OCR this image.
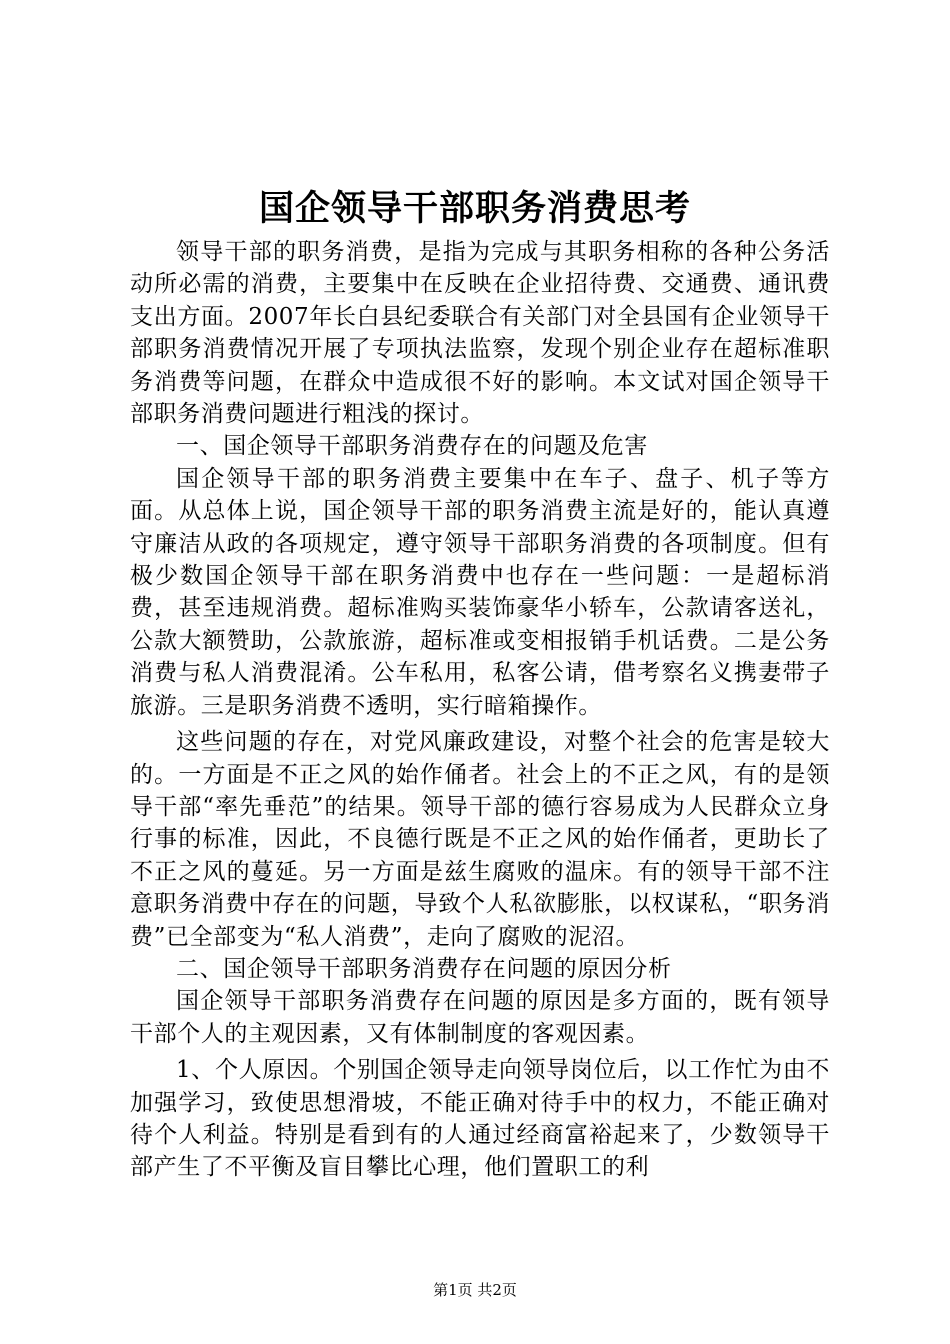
国企领导干部职务消费思考

领导干部的职务消费，是指为完成与其职务相称的各种公务活动所必需的消费，主要集中在反映在企业招待费、交通费、通讯费支出方面。2007年长白县纪委联合有关部门对全县国有企业领导干部职务消费情况开展了专项执法监察，发现个别企业存在超标准职务消费等问题，在群众中造成很不好的影响。本文试对国企领导干部职务消费问题进行粗浅的探讨。

一、国企领导干部职务消费存在的问题及危害

国企领导干部的职务消费主要集中在车子、盘子、机子等方面。从总体上说，国企领导干部的职务消费主流是好的，能认真遵守廉洁从政的各项规定，遵守领导干部职务消费的各项制度。但有极少数国企领导干部在职务消费中也存在一些问题：一是超标消费，甚至违规消费。超标准购买装饰豪华小轿车，公款请客送礼，公款大额赞助，公款旅游，超标准或变相报销手机话费。二是公务消费与私人消费混淆。公车私用，私客公请，借考察名义携妻带子旅游。三是职务消费不透明，实行暗箱操作。

这些问题的存在，对党风廉政建设，对整个社会的危害是较大的。一方面是不正之风的始作俑者。社会上的不正之风，有的是领导干部“率先垂范”的结果。领导干部的德行容易成为人民群众立身行事的标准，因此，不良德行既是不正之风的始作俑者，更助长了不正之风的蔓延。另一方面是兹生腐败的温床。有的领导干部不注意职务消费中存在的问题，导致个人私欲膨胀，以权谋私，“职务消费”已全部变为“私人消费”，走向了腐败的泥沼。

二、国企领导干部职务消费存在问题的原因分析

国企领导干部职务消费存在问题的原因是多方面的，既有领导干部个人的主观因素，又有体制制度的客观因素。

1、个人原因。个别国企领导走向领导岗位后，以工作忙为由不加强学习，致使思想滑坡，不能正确对待手中的权力，不能正确对待个人利益。特别是看到有的人通过经商富裕起来了，少数领导干部产生了不平衡及盲目攀比心理，他们置职工的利

第1页 共2页
